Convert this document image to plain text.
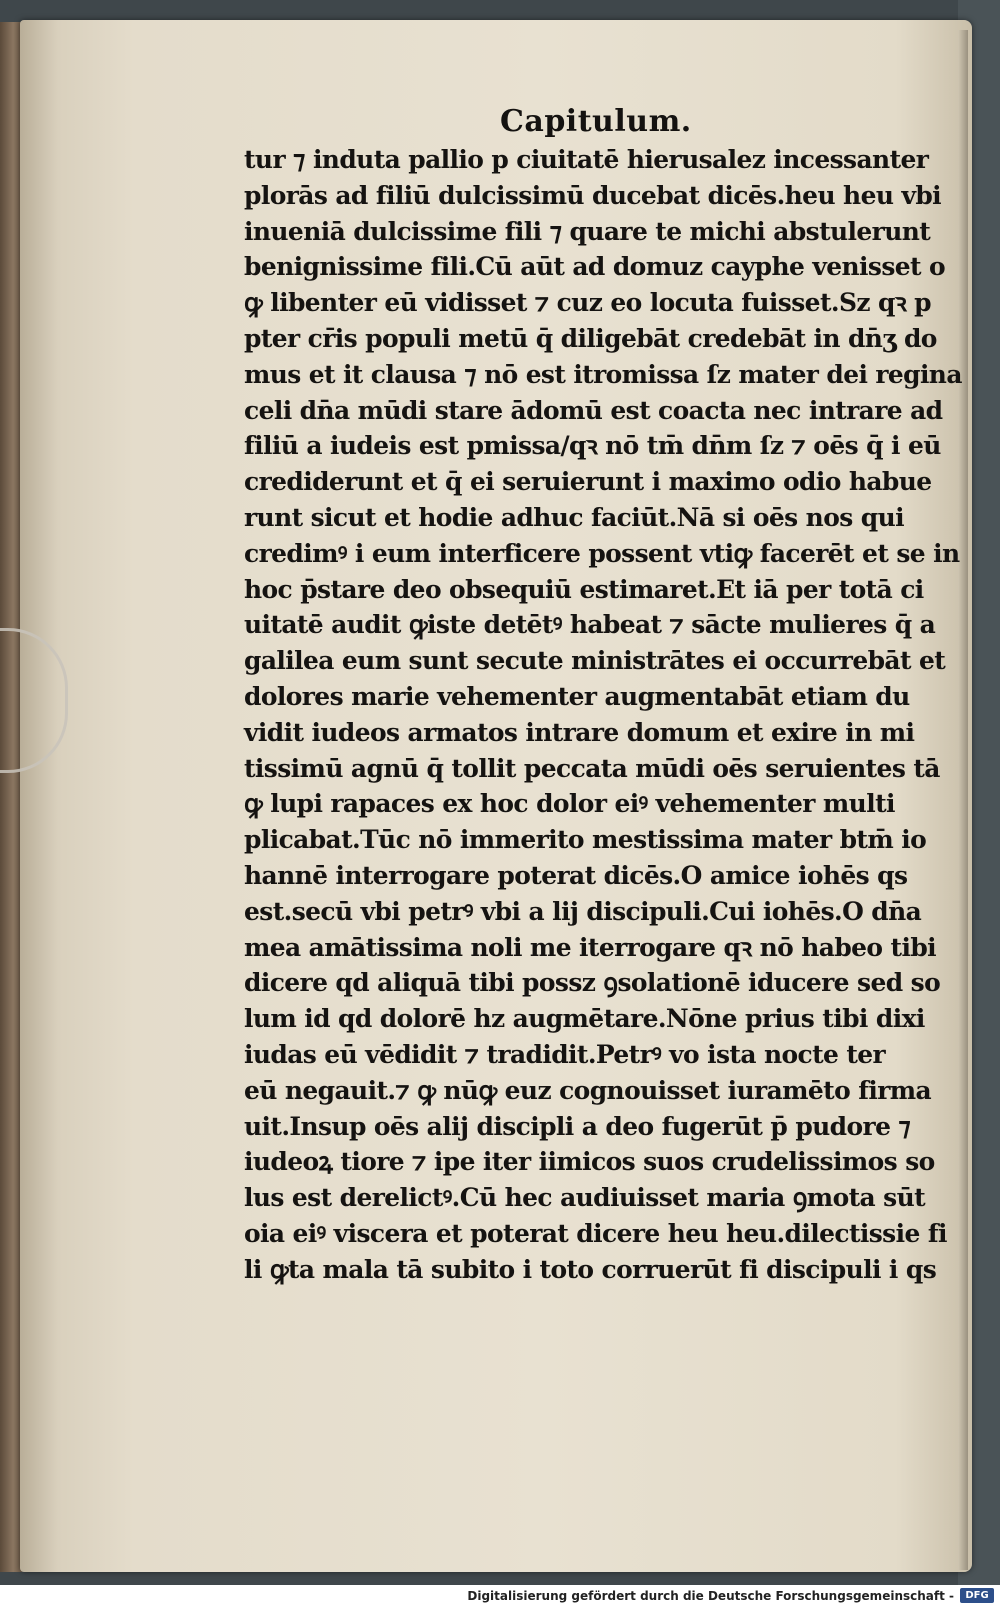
Capitulum.
tur ⁊ induta pallio p ciuitatē hierusalez incessanter
plorās ad filiū dulcissimū ducebat dicēs.heu heu vbi
inueniā dulcissime fili ⁊ quare te michi abstulerunt
benignissime fili.Cū aūt ad domuz cayphe venisset o
ꝙ libenter eū vidisset ⁊ cuz eo locuta fuisset.Sz qꝛ p
pter cr̄is populi metū q̄ diligebāt credebāt in dn̄ʒ do
mus et it clausa ⁊ nō est itromissa ſz mater dei regina
celi dn̄a mūdi stare ādomū est coacta nec intrare ad
filiū a iudeis est pmissa/qꝛ nō tm̄ dn̄m ſz ⁊ oēs q̄ i eū
crediderunt et q̄ ei seruierunt i maximo odio habue
runt sicut et hodie adhuc faciūt.Nā si oēs nos qui
credimꝰ i eum interficere possent vtiꝙ facerēt et se in
hoc p̄stare deo obsequiū estimaret.Et iā per totā ci
uitatē audit ꝙiste detētꝰ habeat ⁊ sācte mulieres q̄ a
galilea eum sunt secute ministrātes ei occurrebāt et
dolores marie vehementer augmentabāt etiam du
vidit iudeos armatos intrare domum et exire in mi
tissimū agnū q̄ tollit peccata mūdi oēs seruientes tā
ꝙ lupi rapaces ex hoc dolor eiꝰ vehementer multi
plicabat.Tūc nō immerito mestissima mater btm̄ io
hannē interrogare poterat dicēs.O amice iohēs qs
est.secū vbi petrꝰ vbi a lij discipuli.Cui iohēs.O dn̄a
mea amātissima noli me iterrogare qꝛ nō habeo tibi
dicere qd aliquā tibi possz ꝯsolationē iducere sed so
lum id qd dolorē hz augmētare.Nōne prius tibi dixi
iudas eū vēdidit ⁊ tradidit.Petrꝰ vo ista nocte ter
eū negauit.⁊ ꝙ nūꝙ euz cognouisset iuramēto firma
uit.Insup oēs alij discipli a deo fugerūt p̄ pudore ⁊
iudeoꝝ tiore ⁊ ipe iter iimicos suos crudelissimos so
lus est derelictꝰ.Cū hec audiuisset maria ꝯmota sūt
oia eiꝰ viscera et poterat dicere heu heu.dilectissie fi
li ꝙta mala tā subito i toto corruerūt fi discipuli i qs
Digitalisierung gefördert durch die Deutsche Forschungsgemeinschaft -	DFG
